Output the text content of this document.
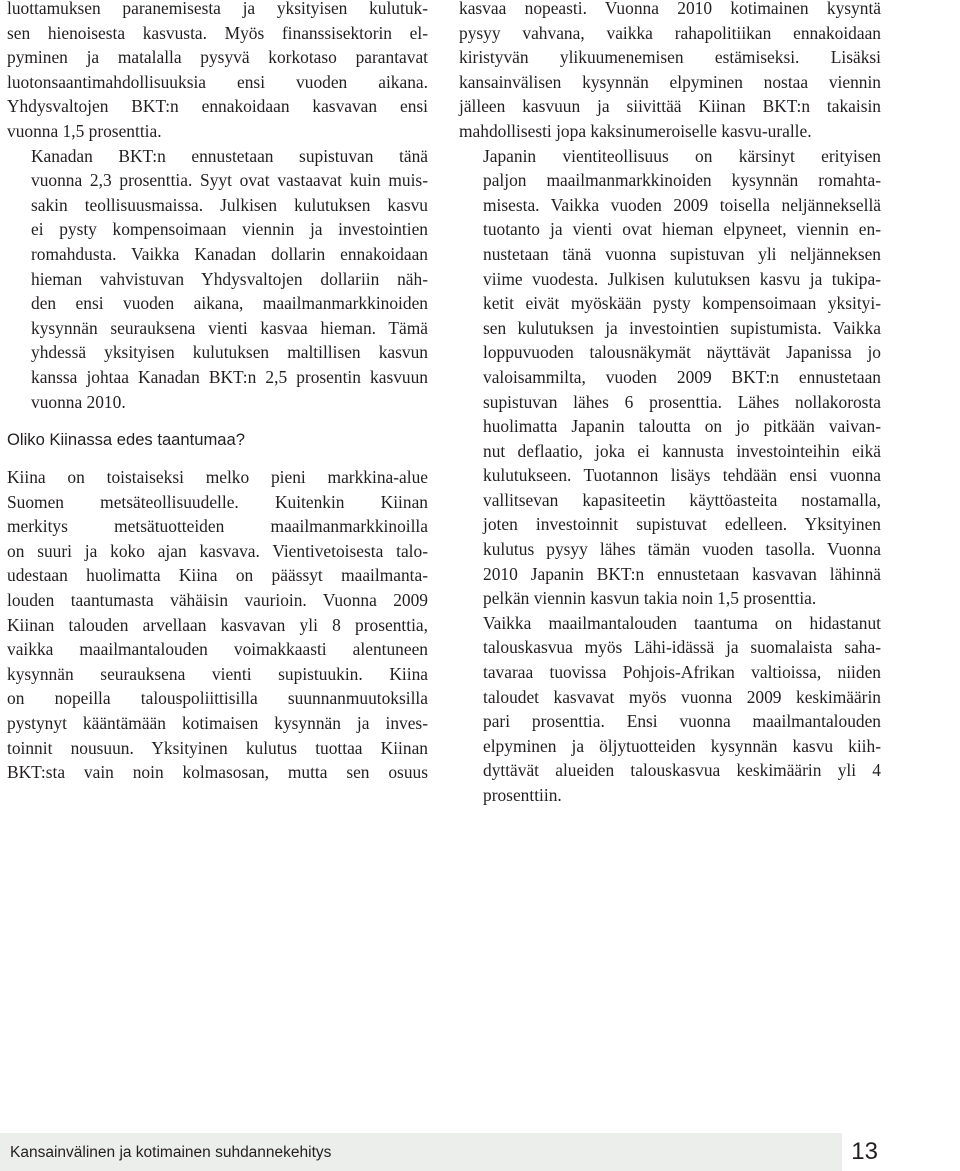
luottamuksen paranemisesta ja yksityisen kulutuk-
sen hienoisesta kasvusta. Myös finanssisektorin el-
pyminen ja matalalla pysyvä korkotaso parantavat
luotonsaantimahdollisuuksia ensi vuoden aikana.
Yhdysvaltojen BKT:n ennakoidaan kasvavan ensi
vuonna 1,5 prosenttia.

Kanadan BKT:n ennustetaan supistuvan tänä
vuonna 2,3 prosenttia. Syyt ovat vastaavat kuin muis-
sakin teollisuusmaissa. Julkisen kulutuksen kasvu
ei pysty kompensoimaan viennin ja investointien
romahdusta. Vaikka Kanadan dollarin ennakoidaan
hieman vahvistuvan Yhdysvaltojen dollariin näh-
den ensi vuoden aikana, maailmanmarkkinoiden
kysynnän seurauksena vienti kasvaa hieman. Tämä
yhdessä yksityisen kulutuksen maltillisen kasvun
kanssa johtaa Kanadan BKT:n 2,5 prosentin kasvuun
vuonna 2010.

Oliko Kiinassa edes taantumaa?

Kiina on toistaiseksi melko pieni markkina-alue
Suomen metsäteollisuudelle. Kuitenkin Kiinan
merkitys metsätuotteiden maailmanmarkkinoilla
on suuri ja koko ajan kasvava. Vientivetoisesta talo-
udestaan huolimatta Kiina on päässyt maailmanta-
louden taantumasta vähäisin vaurioin. Vuonna 2009
Kiinan talouden arvellaan kasvavan yli 8 prosenttia,
vaikka maailmantalouden voimakkaasti alentuneen
kysynnän seurauksena vienti supistuukin. Kiina
on nopeilla talouspoliittisilla suunnanmuutoksilla
pystynyt kääntämään kotimaisen kysynnän ja inves-
toinnit nousuun. Yksityinen kulutus tuottaa Kiinan
BKT:sta vain noin kolmasosan, mutta sen osuus

kasvaa nopeasti. Vuonna 2010 kotimainen kysyntä
pysyy vahvana, vaikka rahapolitiikan ennakoidaan
kiristyvän ylikuumenemisen estämiseksi. Lisäksi
kansainvälisen kysynnän elpyminen nostaa viennin
jälleen kasvuun ja siivittää Kiinan BKT:n takaisin
mahdollisesti jopa kaksinumeroiselle kasvu-uralle.

Japanin vientiteollisuus on kärsinyt erityisen
paljon maailmanmarkkinoiden kysynnän romahta-
misesta. Vaikka vuoden 2009 toisella neljänneksellä
tuotanto ja vienti ovat hieman elpyneet, viennin en-
nustetaan tänä vuonna supistuvan yli neljänneksen
viime vuodesta. Julkisen kulutuksen kasvu ja tukipa-
ketit eivät myöskään pysty kompensoimaan yksityi-
sen kulutuksen ja investointien supistumista. Vaikka
loppuvuoden talousnäkymät näyttävät Japanissa jo
valoisammilta, vuoden 2009 BKT:n ennustetaan
supistuvan lähes 6 prosenttia. Lähes nollakorosta
huolimatta Japanin taloutta on jo pitkään vaivan-
nut deflaatio, joka ei kannusta investointeihin eikä
kulutukseen. Tuotannon lisäys tehdään ensi vuonna
vallitsevan kapasiteetin käyttöasteita nostamalla,
joten investoinnit supistuvat edelleen. Yksityinen
kulutus pysyy lähes tämän vuoden tasolla. Vuonna
2010 Japanin BKT:n ennustetaan kasvavan lähinnä
pelkän viennin kasvun takia noin 1,5 prosenttia.

Vaikka maailmantalouden taantuma on hidastanut
talouskasvua myös Lähi-idässä ja suomalaista saha-
tavaraa tuovissa Pohjois-Afrikan valtioissa, niiden
taloudet kasvavat myös vuonna 2009 keskimäärin
pari prosenttia. Ensi vuonna maailmantalouden
elpyminen ja öljytuotteiden kysynnän kasvu kiih-
dyttävät alueiden talouskasvua keskimäärin yli 4
prosenttiin.

Kansainvälinen ja kotimainen suhdannekehitys	13
